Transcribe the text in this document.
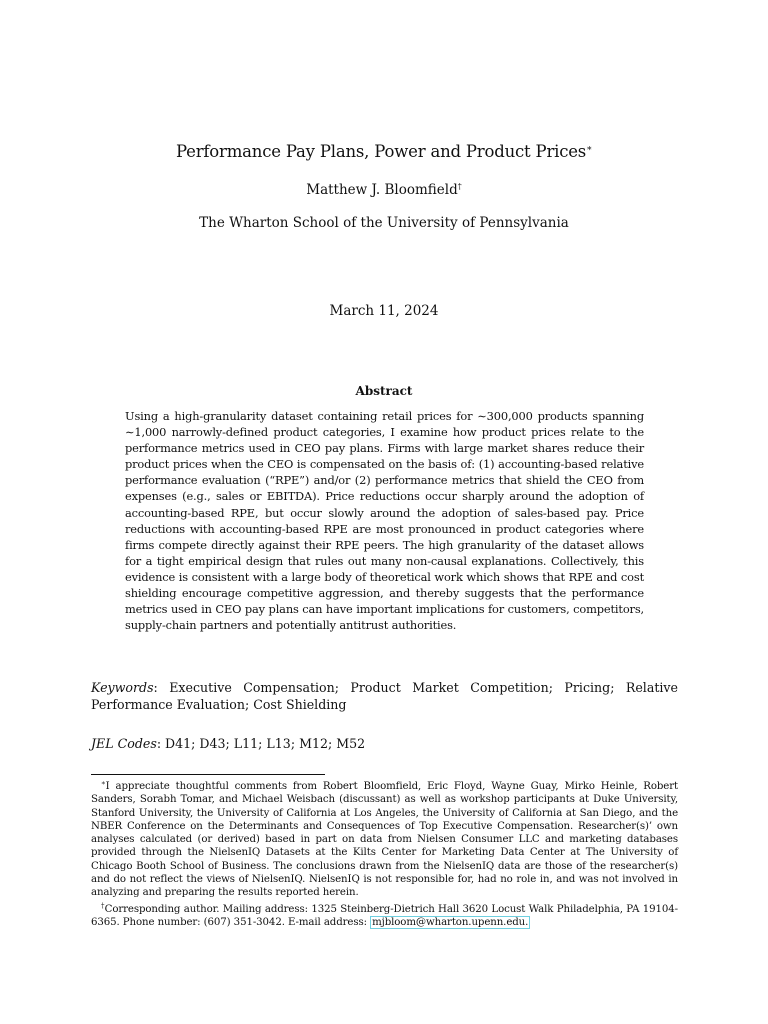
Performance Pay Plans, Power and Product Prices∗
Matthew J. Bloomfield†
The Wharton School of the University of Pennsylvania
March 11, 2024
Abstract
Using a high-granularity dataset containing retail prices for ∼300,000 products spanning ∼1,000 narrowly-defined product categories, I examine how product prices relate to the performance metrics used in CEO pay plans. Firms with large market shares reduce their product prices when the CEO is compensated on the basis of: (1) accounting-based relative performance evaluation (“RPE”) and/or (2) performance metrics that shield the CEO from expenses (e.g., sales or EBITDA). Price reductions occur sharply around the adoption of accounting-based RPE, but occur slowly around the adoption of sales-based pay. Price reductions with accounting-based RPE are most pronounced in product categories where firms compete directly against their RPE peers. The high granularity of the dataset allows for a tight empirical design that rules out many non-causal explanations. Collectively, this evidence is consistent with a large body of theoretical work which shows that RPE and cost shielding encourage competitive aggression, and thereby suggests that the performance metrics used in CEO pay plans can have important implications for customers, competitors, supply-chain partners and potentially antitrust authorities.
Keywords: Executive Compensation; Product Market Competition; Pricing; Relative Performance Evaluation; Cost Shielding
JEL Codes: D41; D43; L11; L13; M12; M52

∗I appreciate thoughtful comments from Robert Bloomfield, Eric Floyd, Wayne Guay, Mirko Heinle, Robert Sanders, Sorabh Tomar, and Michael Weisbach (discussant) as well as workshop participants at Duke University, Stanford University, the University of California at Los Angeles, the University of California at San Diego, and the NBER Conference on the Determinants and Consequences of Top Executive Compensation. Researcher(s)’ own analyses calculated (or derived) based in part on data from Nielsen Consumer LLC and marketing databases provided through the NielsenIQ Datasets at the Kilts Center for Marketing Data Center at The University of Chicago Booth School of Business. The conclusions drawn from the NielsenIQ data are those of the researcher(s) and do not reflect the views of NielsenIQ. NielsenIQ is not responsible for, had no role in, and was not involved in analyzing and preparing the results reported herein.

†Corresponding author. Mailing address: 1325 Steinberg-Dietrich Hall 3620 Locust Walk Philadelphia, PA 19104-6365. Phone number: (607) 351-3042. E-mail address: mjbloom@wharton.upenn.edu.
